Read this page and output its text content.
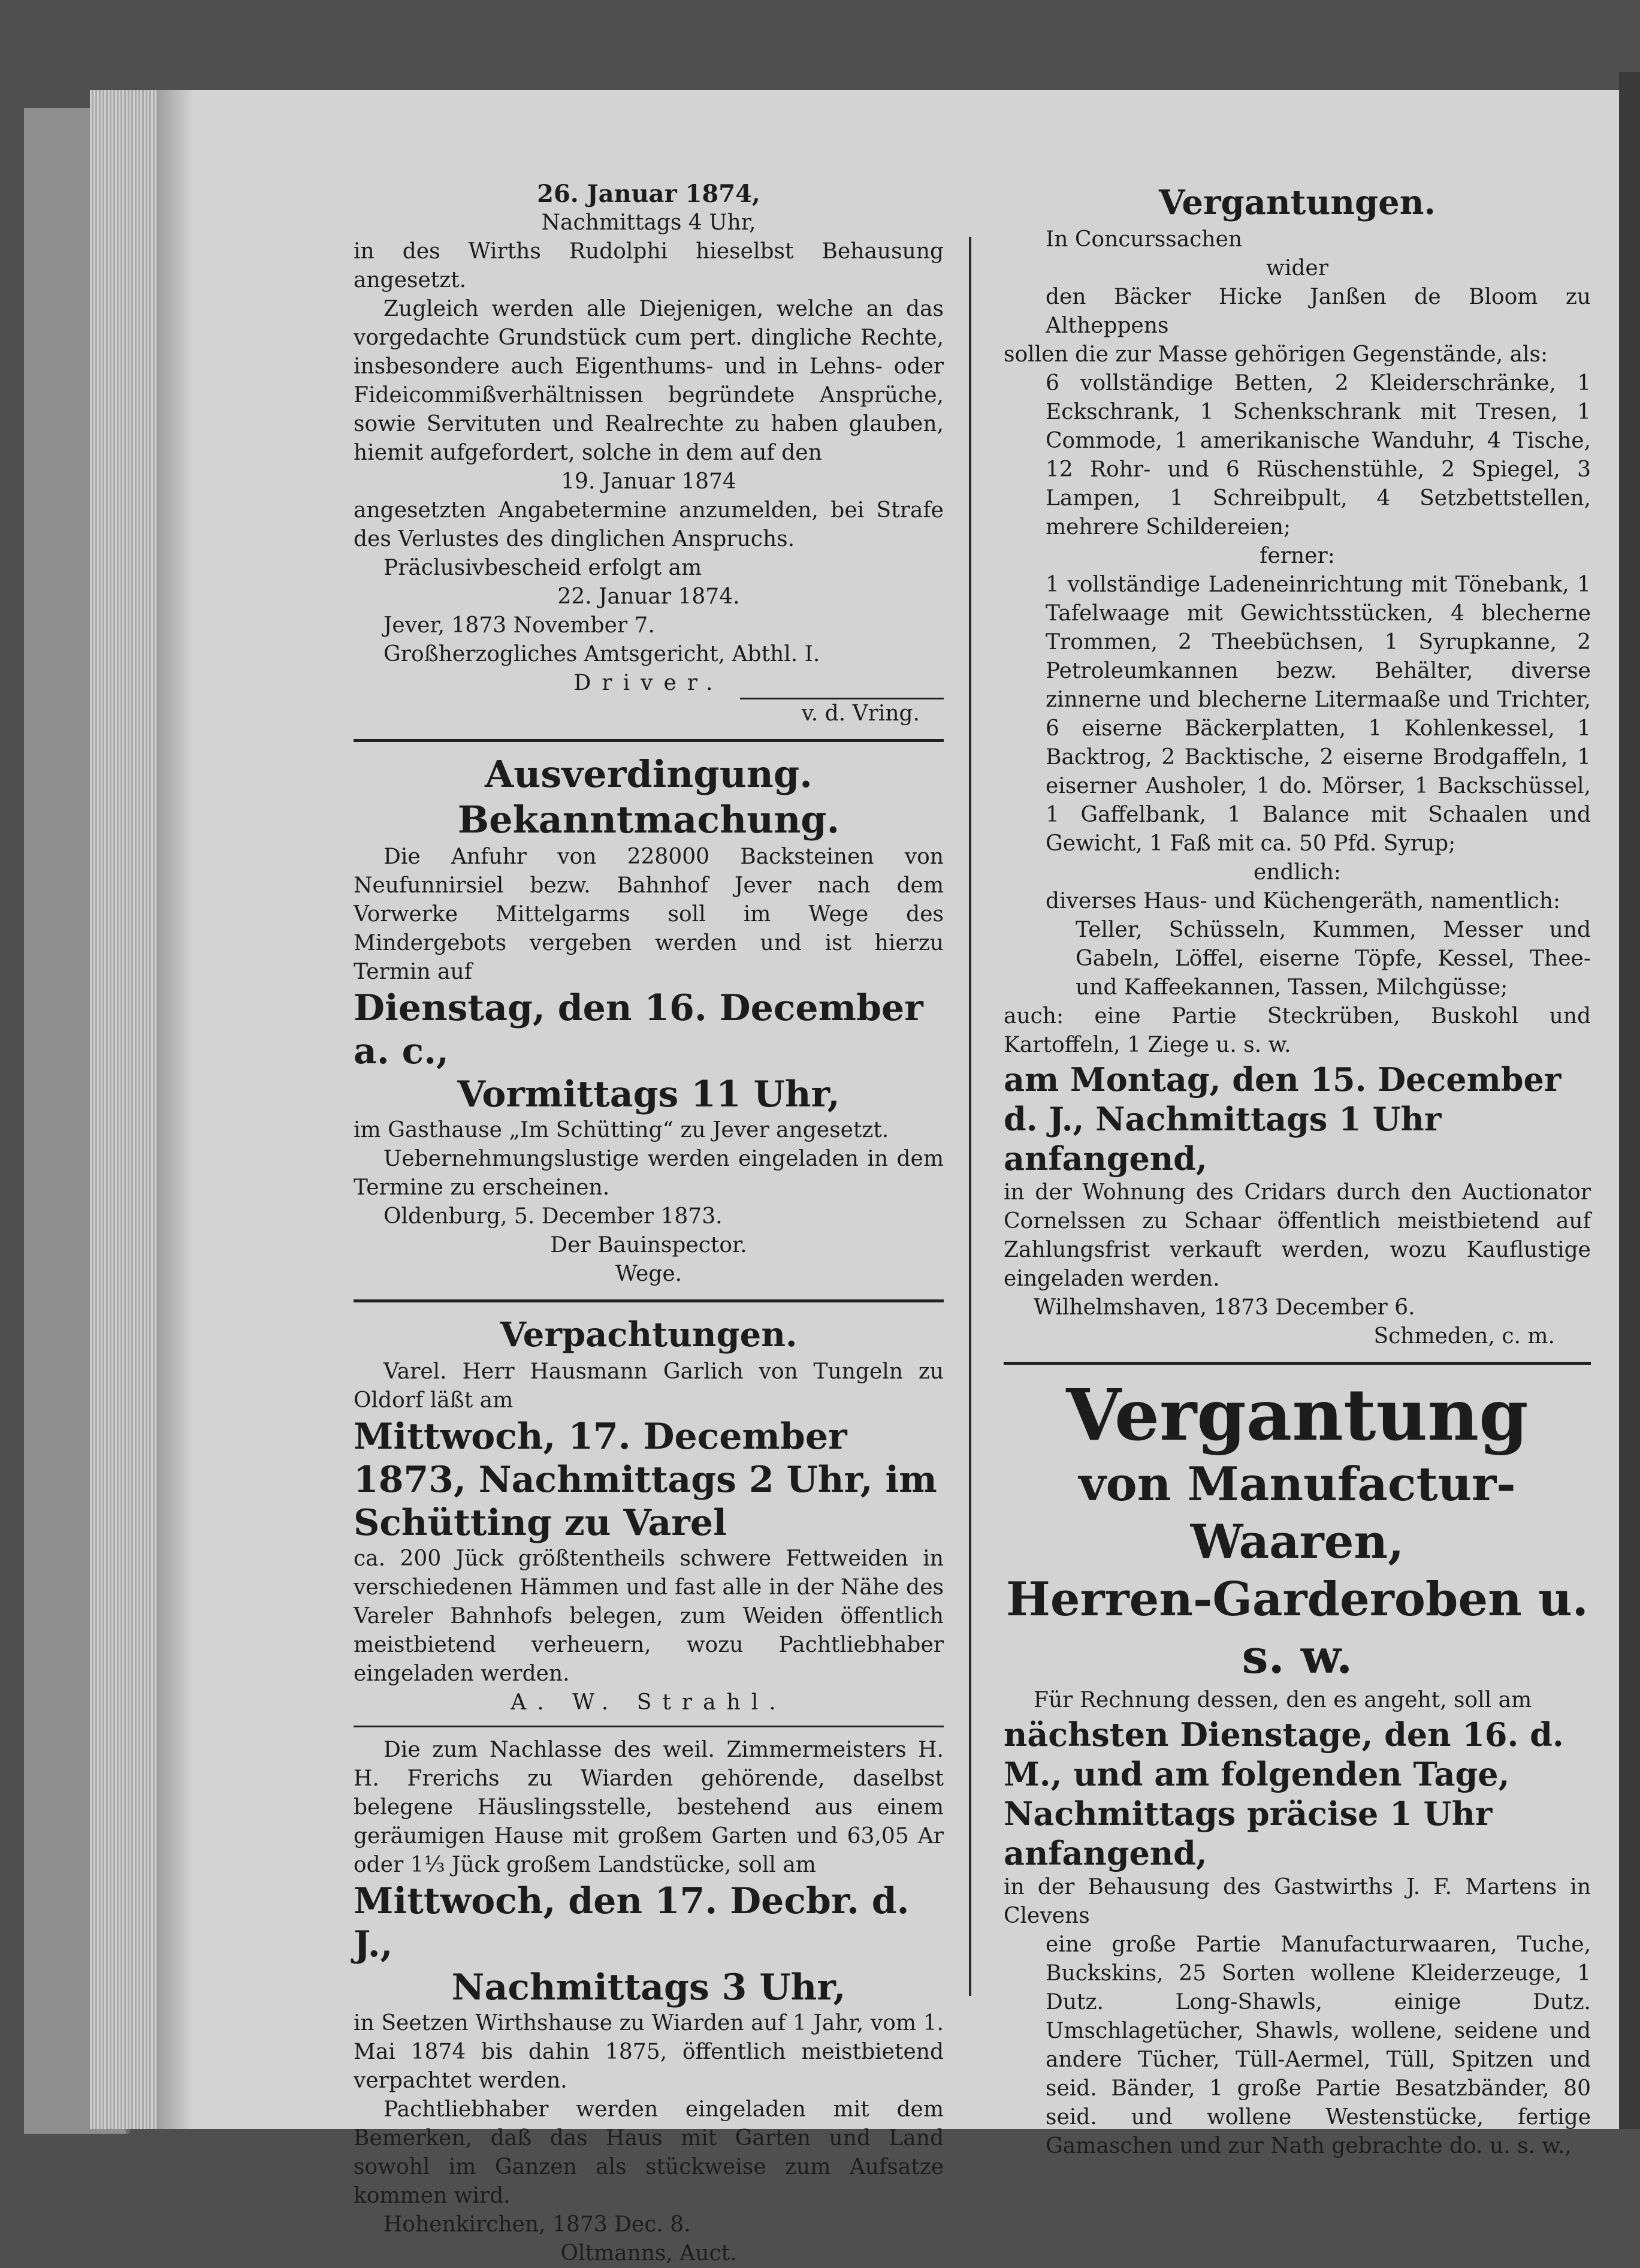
26. Januar 1874,

Nachmittags 4 Uhr,

in des Wirths Rudolphi hieselbst Behausung angesetzt.

Zugleich werden alle Diejenigen, welche an das vorgedachte Grundstück cum pert. dingliche Rechte, insbesondere auch Eigenthums- und in Lehns- oder Fideicommißverhältnissen begründete Ansprüche, sowie Servituten und Realrechte zu haben glauben, hiemit aufgefordert, solche in dem auf den

19. Januar 1874

angesetzten Angabetermine anzumelden, bei Strafe des Verlustes des dinglichen Anspruchs.

Präclusivbescheid erfolgt am

22. Januar 1874.

Jever, 1873 November 7.

Großherzogliches Amtsgericht, Abthl. I.

Driver.

v. d. Vring.

Ausverdingung.

Bekanntmachung.

Die Anfuhr von 228000 Backsteinen von Neufunnirsiel bezw. Bahnhof Jever nach dem Vorwerke Mittelgarms soll im Wege des Mindergebots vergeben werden und ist hierzu Termin auf

Dienstag, den 16. December a. c.,

Vormittags 11 Uhr,

im Gasthause „Im Schütting“ zu Jever angesetzt.

Uebernehmungslustige werden eingeladen in dem Termine zu erscheinen.

Oldenburg, 5. December 1873.

Der Bauinspector.

Wege.

Verpachtungen.

Varel. Herr Hausmann Garlich von Tungeln zu Oldorf läßt am

Mittwoch, 17. December 1873, Nachmittags 2 Uhr, im Schütting zu Varel

ca. 200 Jück größtentheils schwere Fettweiden in verschiedenen Hämmen und fast alle in der Nähe des Vareler Bahnhofs belegen, zum Weiden öffentlich meistbietend verheuern, wozu Pachtliebhaber eingeladen werden.

A. W. Strahl.

Die zum Nachlasse des weil. Zimmermeisters H. H. Frerichs zu Wiarden gehörende, daselbst belegene Häuslingsstelle, bestehend aus einem geräumigen Hause mit großem Garten und 63,05 Ar oder 1⅓ Jück großem Landstücke, soll am

Mittwoch, den 17. Decbr. d. J.,

Nachmittags 3 Uhr,

in Seetzen Wirthshause zu Wiarden auf 1 Jahr, vom 1. Mai 1874 bis dahin 1875, öffentlich meistbietend verpachtet werden.

Pachtliebhaber werden eingeladen mit dem Bemerken, daß das Haus mit Garten und Land sowohl im Ganzen als stückweise zum Aufsatze kommen wird.

Hohenkirchen, 1873 Dec. 8.

Oltmanns, Auct.

Vergantungen.

In Concurssachen

wider

den Bäcker Hicke Janßen de Bloom zu Altheppens

sollen die zur Masse gehörigen Gegenstände, als:

6 vollständige Betten, 2 Kleiderschränke, 1 Eckschrank, 1 Schenkschrank mit Tresen, 1 Commode, 1 amerikanische Wanduhr, 4 Tische, 12 Rohr- und 6 Rüschenstühle, 2 Spiegel, 3 Lampen, 1 Schreibpult, 4 Setzbettstellen, mehrere Schildereien;

ferner:

1 vollständige Ladeneinrichtung mit Tönebank, 1 Tafelwaage mit Gewichtsstücken, 4 blecherne Trommen, 2 Theebüchsen, 1 Syrupkanne, 2 Petroleumkannen bezw. Behälter, diverse zinnerne und blecherne Litermaaße und Trichter, 6 eiserne Bäckerplatten, 1 Kohlenkessel, 1 Backtrog, 2 Backtische, 2 eiserne Brodgaffeln, 1 eiserner Ausholer, 1 do. Mörser, 1 Backschüssel, 1 Gaffelbank, 1 Balance mit Schaalen und Gewicht, 1 Faß mit ca. 50 Pfd. Syrup;

endlich:

diverses Haus- und Küchengeräth, namentlich:

Teller, Schüsseln, Kummen, Messer und Gabeln, Löffel, eiserne Töpfe, Kessel, Thee- und Kaffeekannen, Tassen, Milchgüsse;

auch: eine Partie Steckrüben, Buskohl und Kartoffeln, 1 Ziege u. s. w.

am Montag, den 15. December d. J., Nachmittags 1 Uhr anfangend,

in der Wohnung des Cridars durch den Auctionator Cornelssen zu Schaar öffentlich meistbietend auf Zahlungsfrist verkauft werden, wozu Kauflustige eingeladen werden.

Wilhelmshaven, 1873 December 6.

Schmeden, c. m.

Vergantung

von Manufactur-Waaren,

Herren-Garderoben u. s. w.

Für Rechnung dessen, den es angeht, soll am

nächsten Dienstage, den 16. d. M., und am folgenden Tage, Nachmittags präcise 1 Uhr anfangend,

in der Behausung des Gastwirths J. F. Martens in Clevens

eine große Partie Manufacturwaaren, Tuche, Buckskins, 25 Sorten wollene Kleiderzeuge, 1 Dutz. Long-Shawls, einige Dutz. Umschlagetücher, Shawls, wollene, seidene und andere Tücher, Tüll-Aermel, Tüll, Spitzen und seid. Bänder, 1 große Partie Besatzbänder, 80 seid. und wollene Westenstücke, fertige Gamaschen und zur Nath gebrachte do. u. s. w.,
